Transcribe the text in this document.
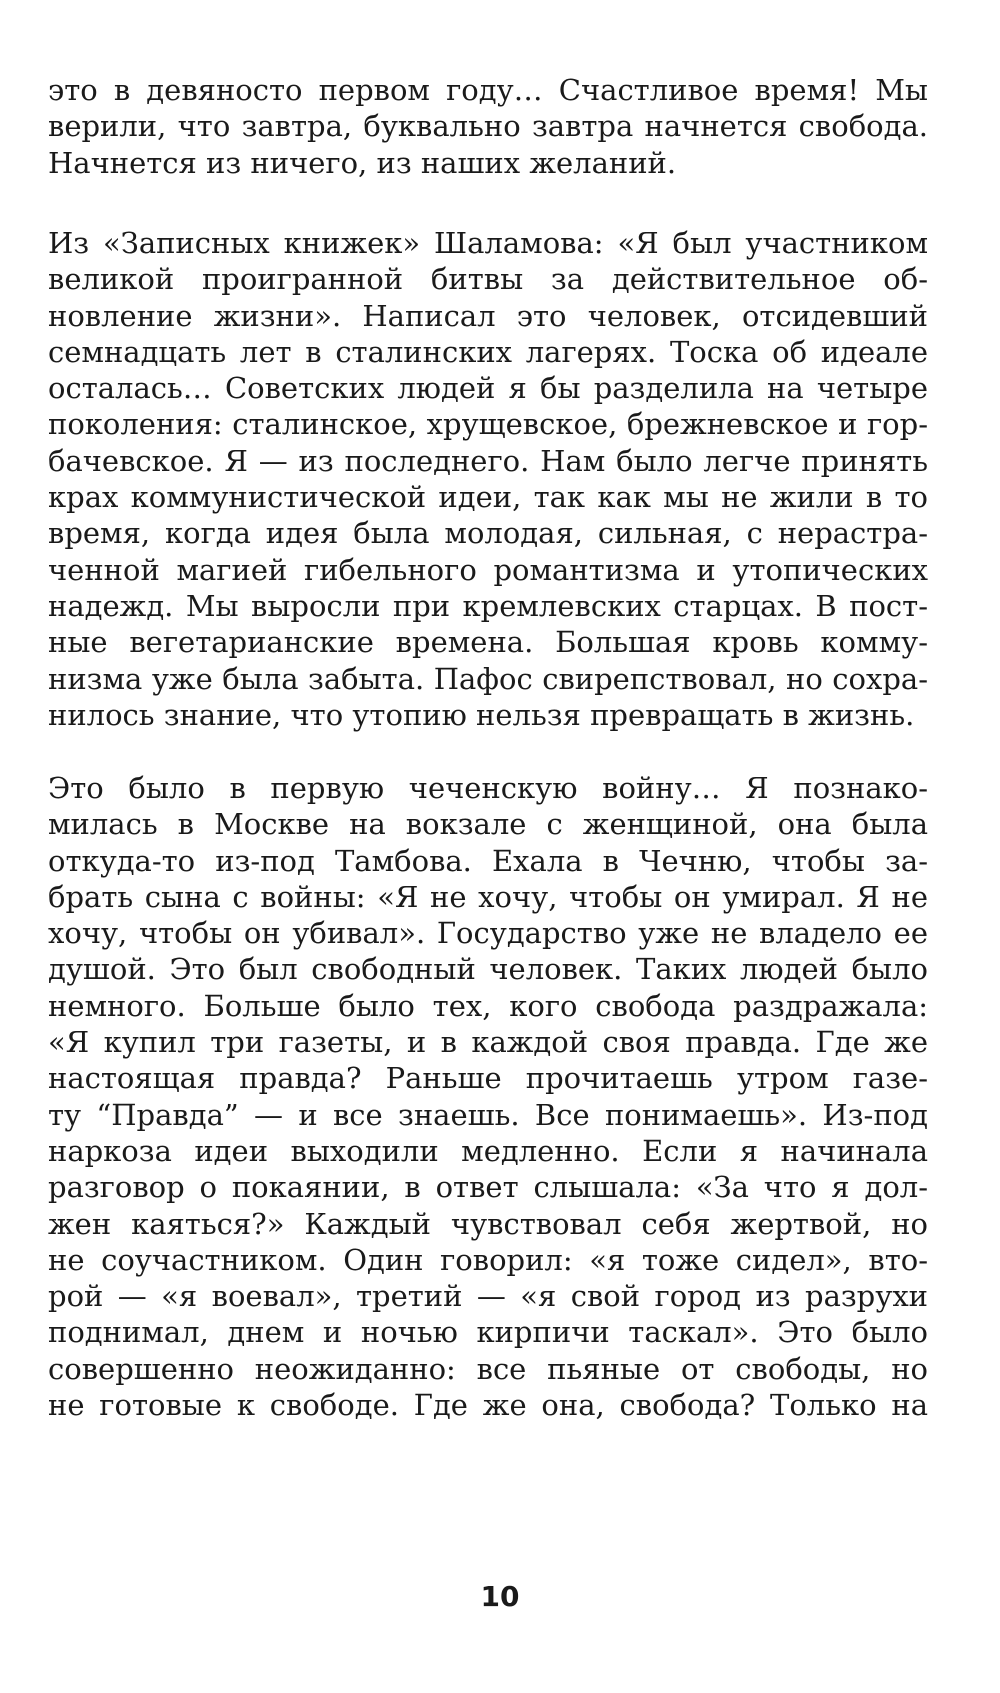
это в девяносто первом году… Счастливое время! Мы
верили, что завтра, буквально завтра начнется свобода.
Начнется из ничего, из наших желаний.
Из «Записных книжек» Шаламова: «Я был участником
великой проигранной битвы за действительное об-
новление жизни». Написал это человек, отсидевший
семнадцать лет в сталинских лагерях. Тоска об идеале
осталась… Советских людей я бы разделила на четыре
поколения: сталинское, хрущевское, брежневское и гор-
бачевское. Я — из последнего. Нам было легче принять
крах коммунистической идеи, так как мы не жили в то
время, когда идея была молодая, сильная, с нерастра-
ченной магией гибельного романтизма и утопических
надежд. Мы выросли при кремлевских старцах. В пост-
ные вегетарианские времена. Большая кровь комму-
низма уже была забыта. Пафос свирепствовал, но сохра-
нилось знание, что утопию нельзя превращать в жизнь.
Это было в первую чеченскую войну… Я познако-
милась в Москве на вокзале с женщиной, она была
откуда-то из-под Тамбова. Ехала в Чечню, чтобы за-
брать сына с войны: «Я не хочу, чтобы он умирал. Я не
хочу, чтобы он убивал». Государство уже не владело ее
душой. Это был свободный человек. Таких людей было
немного. Больше было тех, кого свобода раздражала:
«Я купил три газеты, и в каждой своя правда. Где же
настоящая правда? Раньше прочитаешь утром газе-
ту “Правда” — и все знаешь. Все понимаешь». Из-под
наркоза идеи выходили медленно. Если я начинала
разговор о покаянии, в ответ слышала: «За что я дол-
жен каяться?» Каждый чувствовал себя жертвой, но
не соучастником. Один говорил: «я тоже сидел», вто-
рой — «я воевал», третий — «я свой город из разрухи
поднимал, днем и ночью кирпичи таскал». Это было
совершенно неожиданно: все пьяные от свободы, но
не готовые к свободе. Где же она, свобода? Только на
10
